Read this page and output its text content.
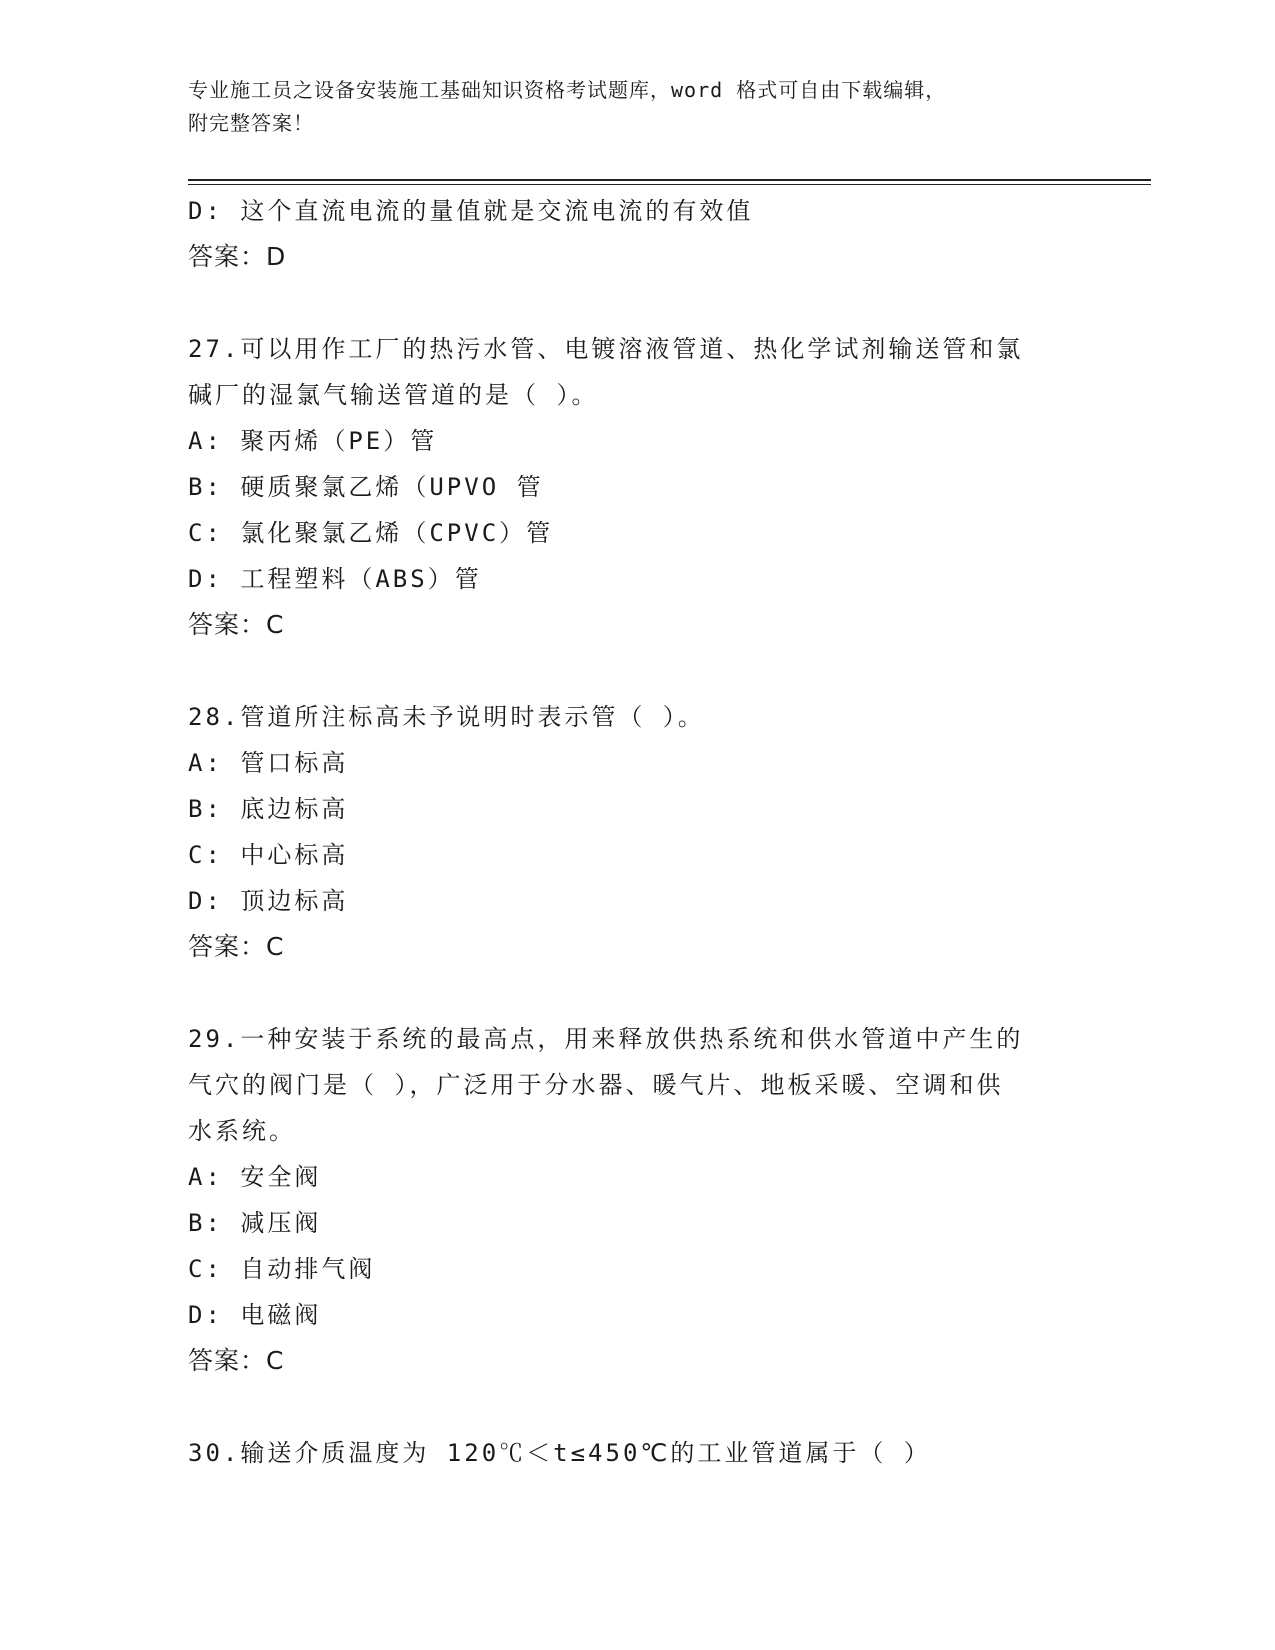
专业施工员之设备安装施工基础知识资格考试题库，word 格式可自由下载编辑，
附完整答案！
D: 这个直流电流的量值就是交流电流的有效值
答案：D
27.可以用作工厂的热污水管、电镀溶液管道、热化学试剂输送管和氯
碱厂的湿氯气输送管道的是（ ）。
A: 聚丙烯（PE）管
B: 硬质聚氯乙烯（UPVO 管
C: 氯化聚氯乙烯（CPVC）管
D: 工程塑料（ABS）管
答案：C
28.管道所注标高未予说明时表示管（ ）。
A: 管口标高
B: 底边标高
C: 中心标高
D: 顶边标高
答案：C
29.一种安装于系统的最高点，用来释放供热系统和供水管道中产生的
气穴的阀门是（ ），广泛用于分水器、暖气片、地板采暖、空调和供
水系统。
A: 安全阀
B: 减压阀
C: 自动排气阀
D: 电磁阀
答案：C
30.输送介质温度为 120℃＜t≤450℃的工业管道属于（ ）
